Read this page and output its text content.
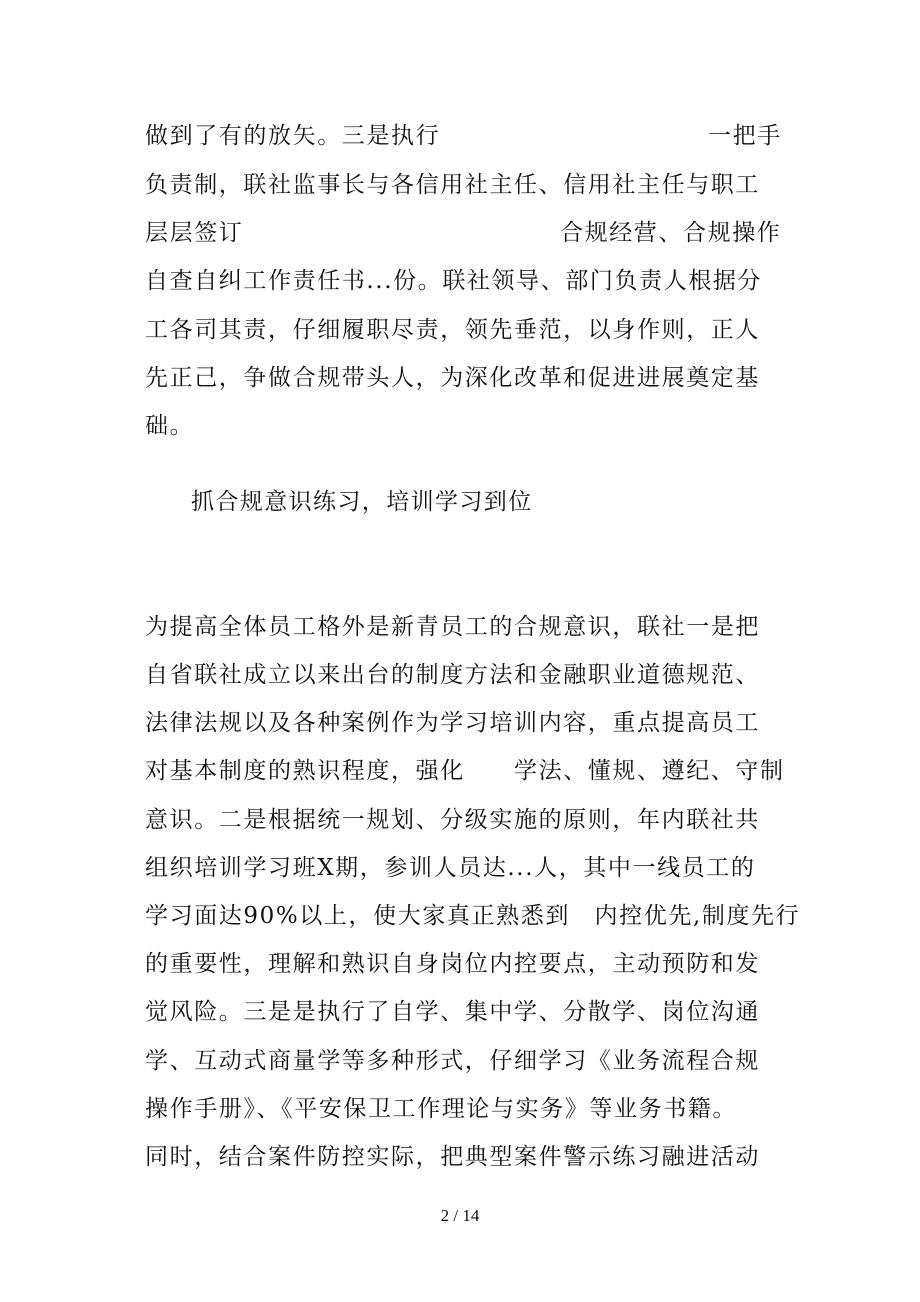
做到了有的放矢。三是执行	一把手
负责制，联社监事长与各信用社主任、信用社主任与职工
层层签订	合规经营、合规操作
自查自纠工作责任书...份。联社领导、部门负责人根据分
工各司其责，仔细履职尽责，领先垂范，以身作则，正人
先正己，争做合规带头人，为深化改革和促进进展奠定基
础。
抓合规意识练习，培训学习到位
为提高全体员工格外是新青员工的合规意识，联社一是把
自省联社成立以来出台的制度方法和金融职业道德规范、
法律法规以及各种案例作为学习培训内容，重点提高员工
对基本制度的熟识程度，强化　　学法、懂规、遵纪、守制
意识。二是根据统一规划、分级实施的原则，年内联社共
组织培训学习班X期，参训人员达...人，其中一线员工的
学习面达90%以上，使大家真正熟悉到　内控优先,制度先行
的重要性，理解和熟识自身岗位内控要点，主动预防和发
觉风险。三是是执行了自学、集中学、分散学、岗位沟通
学、互动式商量学等多种形式，仔细学习《业务流程合规
操作手册》、《平安保卫工作理论与实务》等业务书籍。
同时，结合案件防控实际，把典型案件警示练习融进活动
2 / 14
